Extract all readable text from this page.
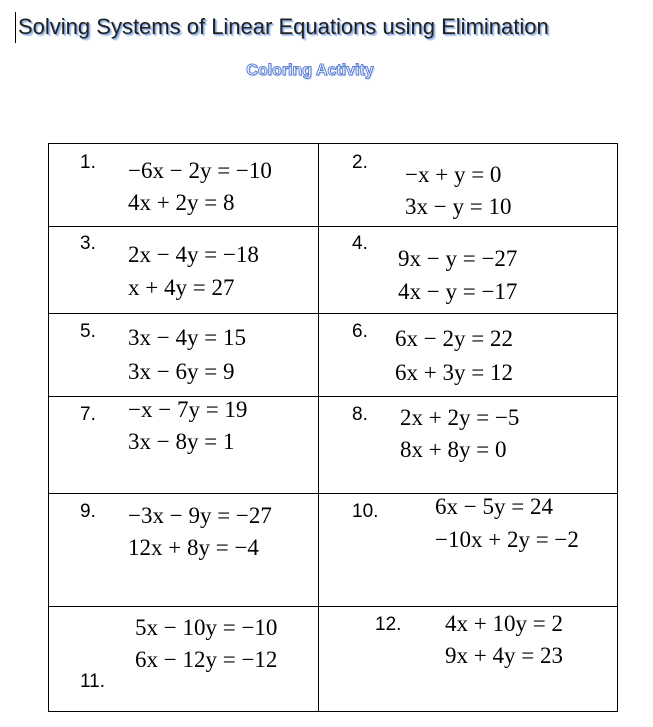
Solving Systems of Linear Equations using Elimination
Coloring Activity
1. −6x − 2y = −10
4x + 2y = 8
2. −x + y = 0
3x − y = 10
3. 2x − 4y = −18
x + 4y = 27
4.
9x − y = −27
4x − y = −17
5. 3x − 4y = 15
3x − 6y = 9
6. 6x − 2y = 22
6x + 3y = 12
7. −x − 7y = 19
3x − 8y = 1
8. 2x + 2y = −5
8x + 8y = 0
9. −3x − 9y = −27
12x + 8y = −4
10. 6x − 5y = 24
−10x + 2y = −2
11.
5x − 10y = −10
6x − 12y = −12
12. 4x + 10y = 2
9x + 4y = 23
